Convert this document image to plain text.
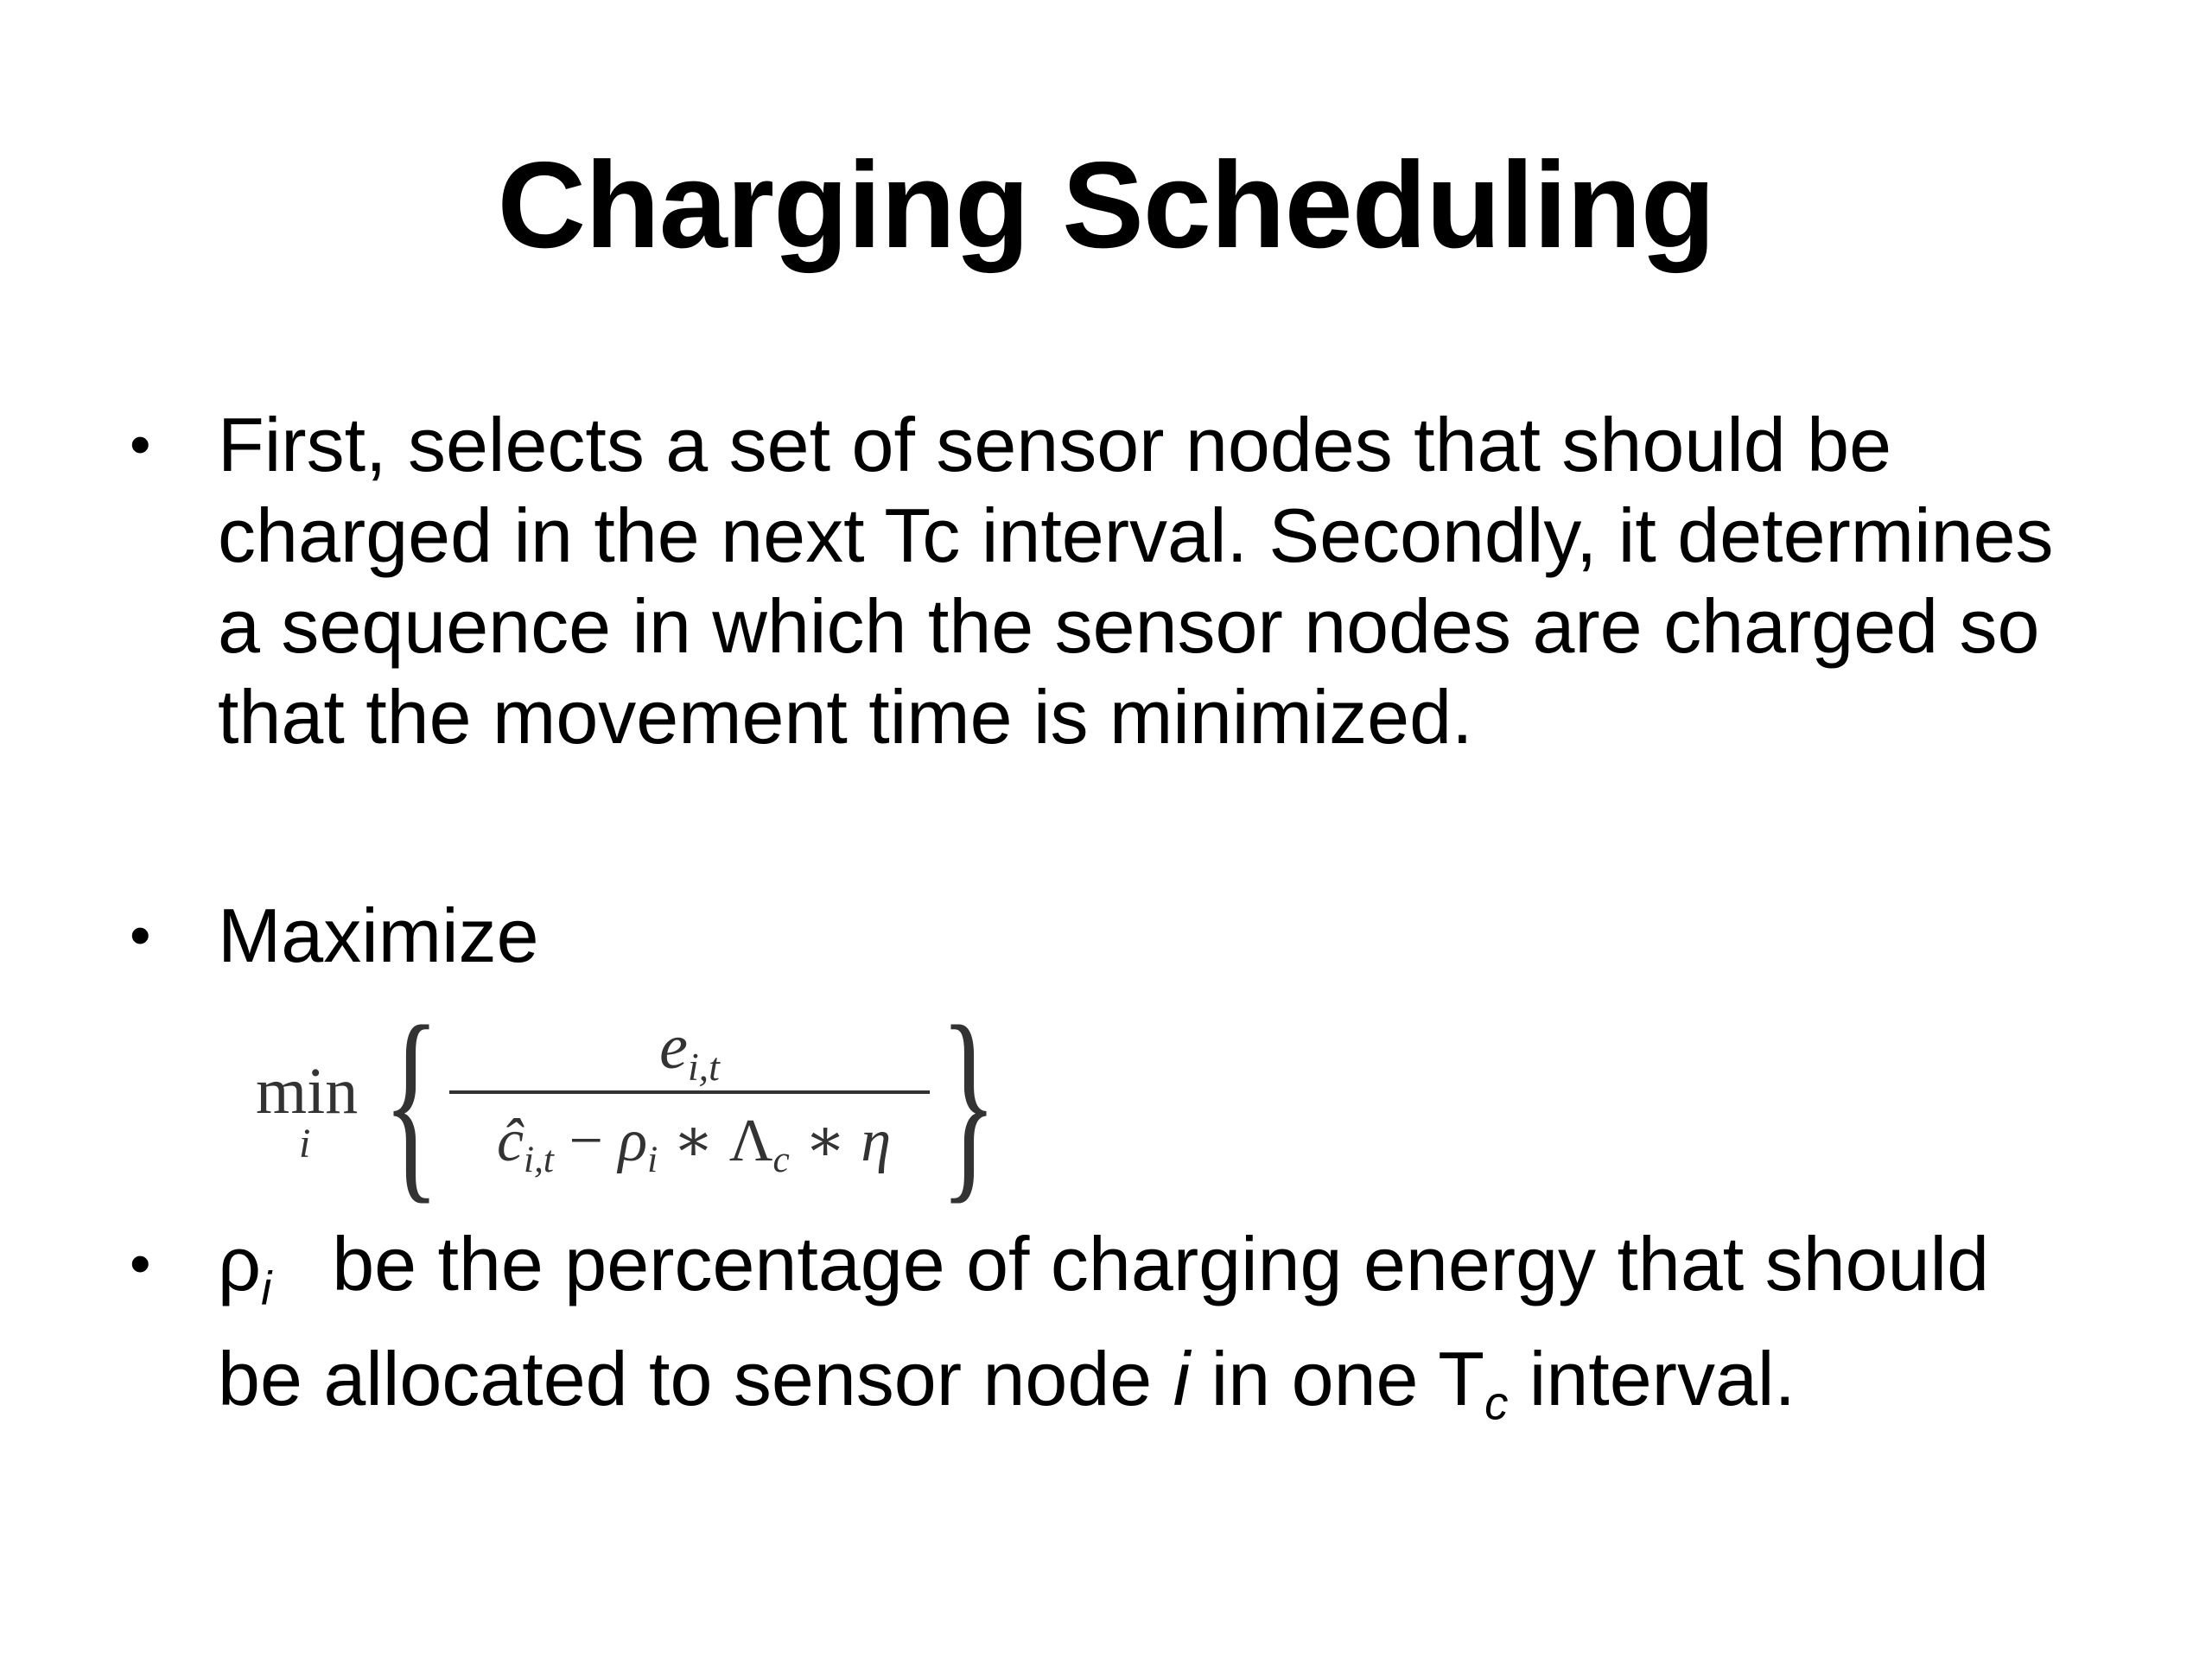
Charging Scheduling
• First, selects a set of sensor nodes that should be charged in the next Tc interval. Secondly, it determines a sequence in which the sensor nodes are charged so that the movement time is minimized.
• Maximize
min
i {	$e_{i,t}$
$ĉ_{i,t} - \rho_i$ ∗ $\Lambda_c$ ∗ η }
• $\rho_i$ be the percentage of charging energy that should be allocated to sensor node i in one $T_c$ interval.
